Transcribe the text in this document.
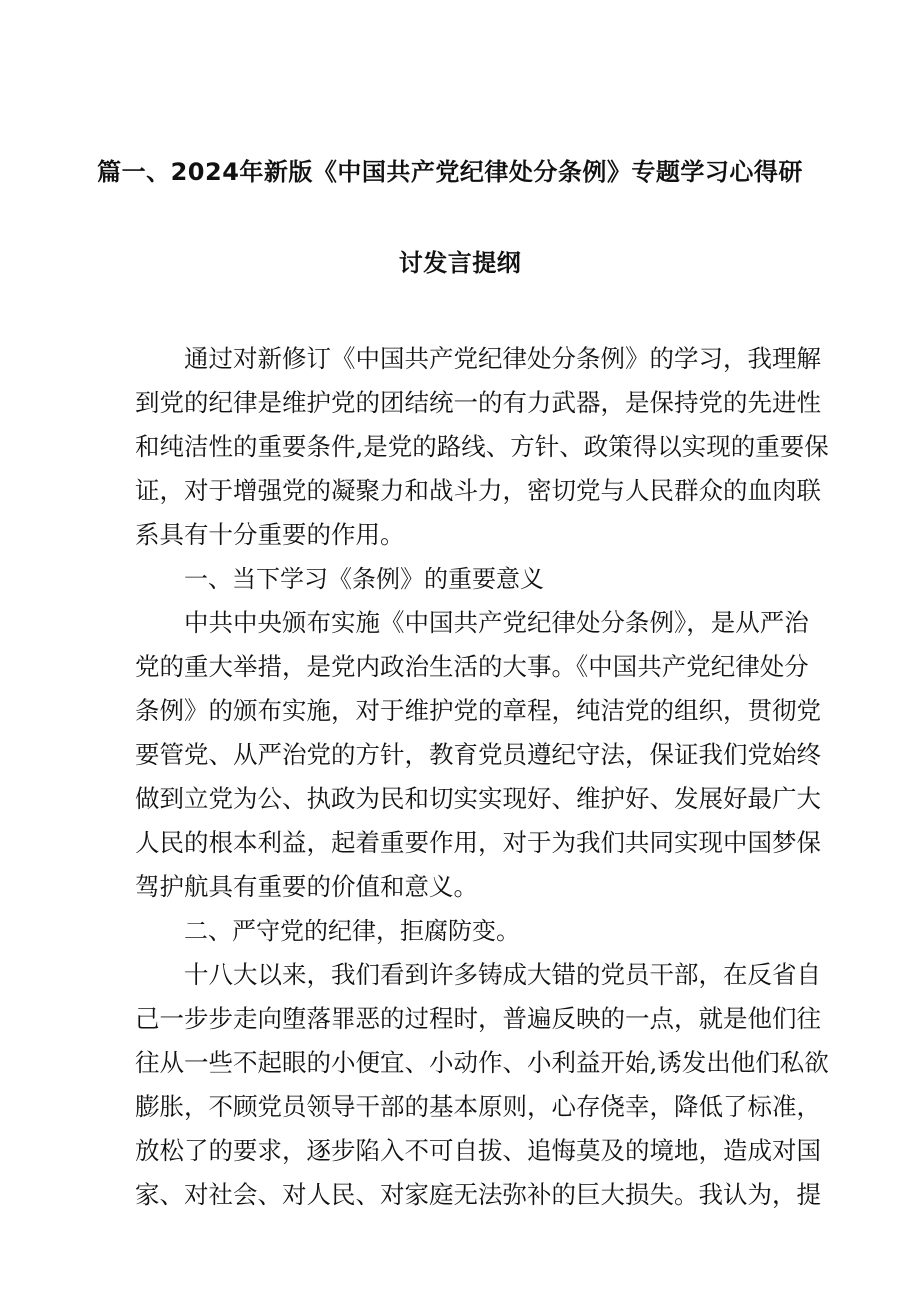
篇一、2024年新版《中国共产党纪律处分条例》专题学习心得研
讨发言提纲
通过对新修订《中国共产党纪律处分条例》的学习，我理解
到党的纪律是维护党的团结统一的有力武器，是保持党的先进性
和纯洁性的重要条件,是党的路线、方针、政策得以实现的重要保
证，对于增强党的凝聚力和战斗力，密切党与人民群众的血肉联
系具有十分重要的作用。
一、当下学习《条例》的重要意义
中共中央颁布实施《中国共产党纪律处分条例》，是从严治
党的重大举措，是党内政治生活的大事。《中国共产党纪律处分
条例》的颁布实施，对于维护党的章程，纯洁党的组织，贯彻党
要管党、从严治党的方针，教育党员遵纪守法，保证我们党始终
做到立党为公、执政为民和切实实现好、维护好、发展好最广大
人民的根本利益，起着重要作用，对于为我们共同实现中国梦保
驾护航具有重要的价值和意义。
二、严守党的纪律，拒腐防变。
十八大以来，我们看到许多铸成大错的党员干部，在反省自
己一步步走向堕落罪恶的过程时，普遍反映的一点，就是他们往
往从一些不起眼的小便宜、小动作、小利益开始,诱发出他们私欲
膨胀，不顾党员领导干部的基本原则，心存侥幸，降低了标准，
放松了的要求，逐步陷入不可自拔、追悔莫及的境地，造成对国
家、对社会、对人民、对家庭无法弥补的巨大损失。我认为，提
